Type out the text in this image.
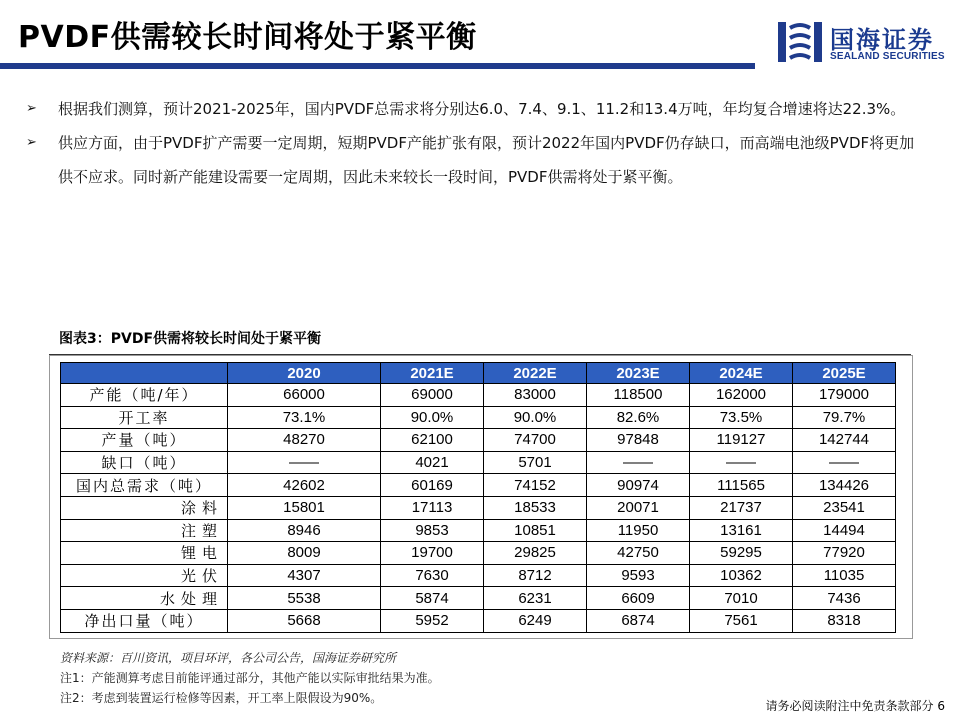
PVDF供需较长时间将处于紧平衡	国海证券
SEALAND SECURITIES
➢ 根据我们测算，预计2021-2025年，国内PVDF总需求将分别达6.0、7.4、9.1、11.2和13.4万吨，年均复合增速将达22.3%。
➢ 供应方面，由于PVDF扩产需要一定周期，短期PVDF产能扩张有限，预计2022年国内PVDF仍存缺口，而高端电池级PVDF将更加供不应求。同时新产能建设需要一定周期，因此未来较长一段时间，PVDF供需将处于紧平衡。
图表3：PVDF供需将较长时间处于紧平衡
	2020	2021E	2022E	2023E	2024E	2025E
产能（吨/年）	66000	69000	83000	118500	162000	179000
开工率	73.1%	90.0%	90.0%	82.6%	73.5%	79.7%
产量（吨）	48270	62100	74700	97848	119127	142744
缺口（吨）	——	4021	5701	——	——	——
国内总需求（吨）	42602	60169	74152	90974	111565	134426
涂料	15801	17113	18533	20071	21737	23541
注塑	8946	9853	10851	11950	13161	14494
锂电	8009	19700	29825	42750	59295	77920
光伏	4307	7630	8712	9593	10362	11035
水处理	5538	5874	6231	6609	7010	7436
净出口量（吨）	5668	5952	6249	6874	7561	8318
资料来源：百川资讯，项目环评，各公司公告，国海证券研究所
注1：产能测算考虑目前能评通过部分，其他产能以实际审批结果为准。
注2：考虑到装置运行检修等因素，开工率上限假设为90%。
请务必阅读附注中免责条款部分 6
